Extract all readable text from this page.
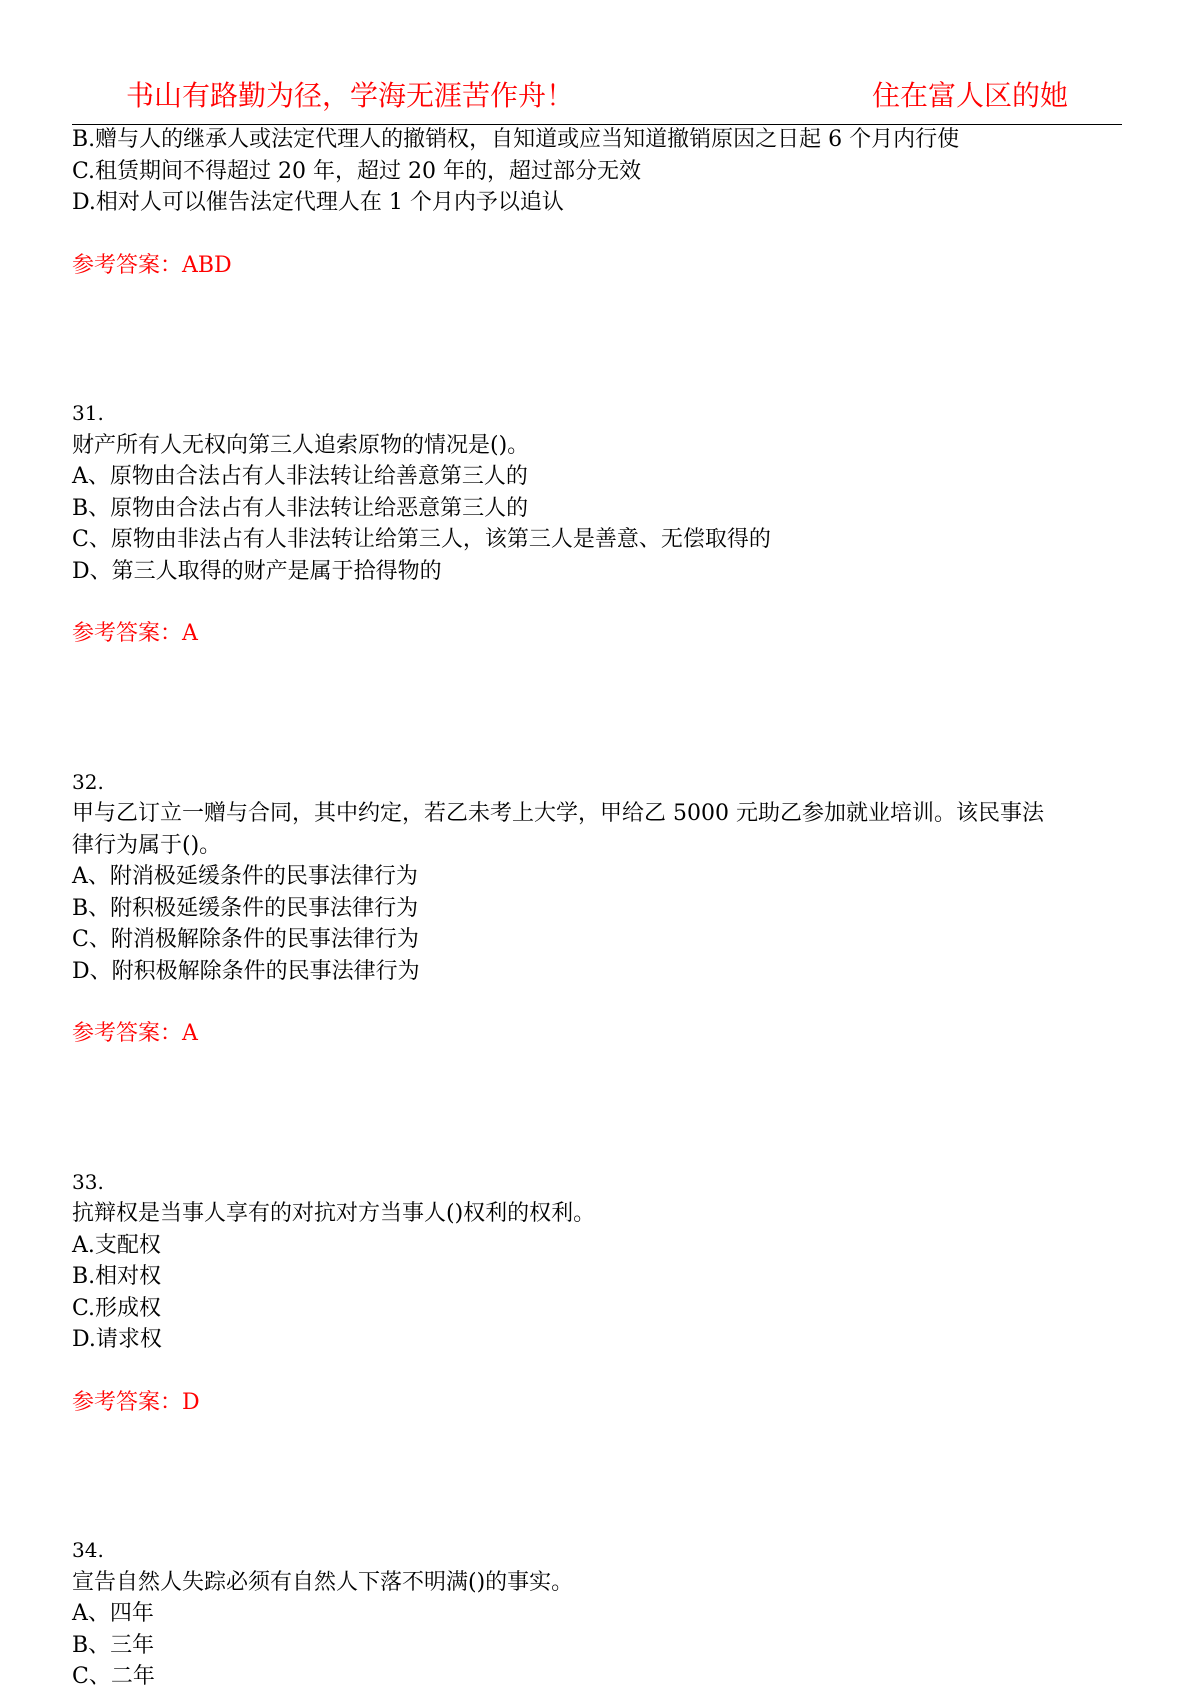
书山有路勤为径，学海无涯苦作舟！	住在富人区的她
B.赠与人的继承人或法定代理人的撤销权，自知道或应当知道撤销原因之日起 6 个月内行使
C.租赁期间不得超过 20 年，超过 20 年的，超过部分无效
D.相对人可以催告法定代理人在 1 个月内予以追认
参考答案：ABD
31.
财产所有人无权向第三人追索原物的情况是()。
A、原物由合法占有人非法转让给善意第三人的
B、原物由合法占有人非法转让给恶意第三人的
C、原物由非法占有人非法转让给第三人，该第三人是善意、无偿取得的
D、第三人取得的财产是属于拾得物的
参考答案：A
32.
甲与乙订立一赠与合同，其中约定，若乙未考上大学，甲给乙 5000 元助乙参加就业培训。该民事法
律行为属于()。
A、附消极延缓条件的民事法律行为
B、附积极延缓条件的民事法律行为
C、附消极解除条件的民事法律行为
D、附积极解除条件的民事法律行为
参考答案：A
33.
抗辩权是当事人享有的对抗对方当事人()权利的权利。
A.支配权
B.相对权
C.形成权
D.请求权
参考答案：D
34.
宣告自然人失踪必须有自然人下落不明满()的事实。
A、四年
B、三年
C、二年
